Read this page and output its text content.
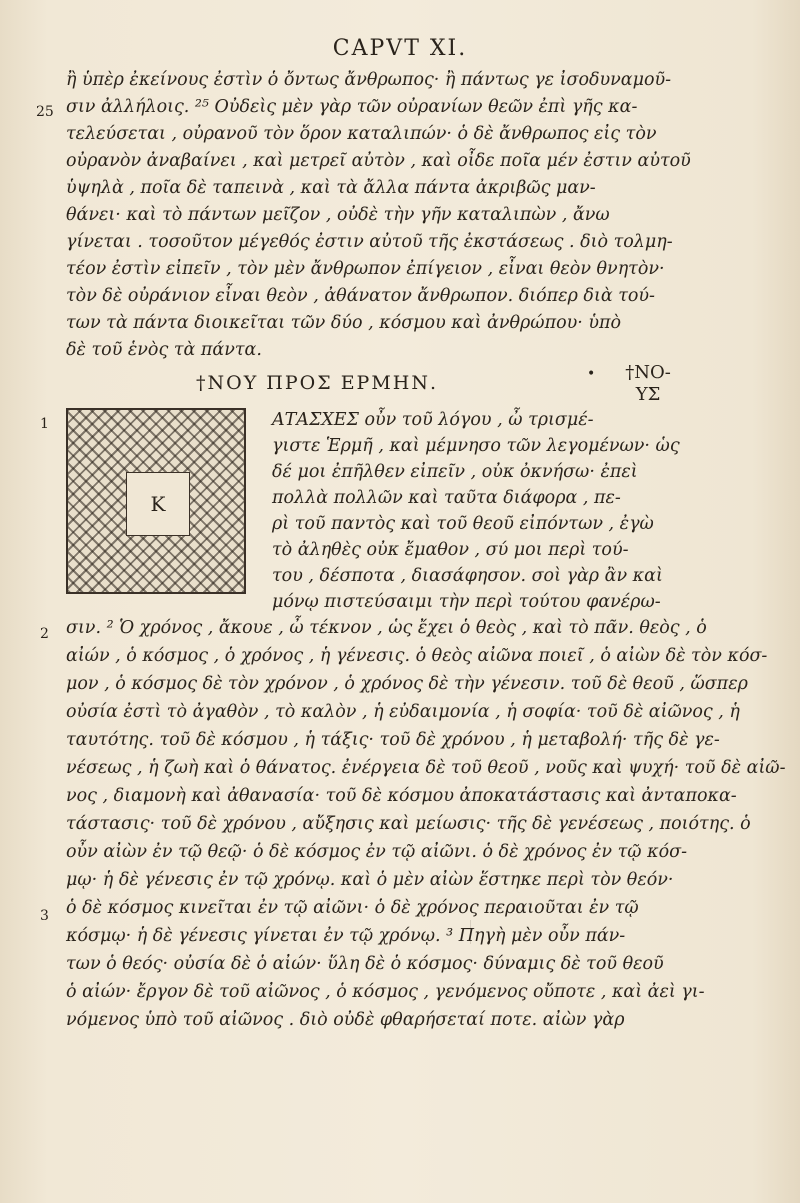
CAPVT XI.
25
1
2
3
ἢ ὑπὲρ ἐκείνους ἐστὶν ὁ ὄντως ἄνθρωπος· ἢ πάντως γε ἰσοδυναμοῦ-
σιν ἀλλήλοις. ²⁵ Οὐδεὶς μὲν γὰρ τῶν οὐρανίων θεῶν ἐπὶ γῆς κα-
τελεύσεται , οὐρανοῦ τὸν ὅρον καταλιπών· ὁ δὲ ἄνθρωπος εἰς τὸν
οὐρανὸν ἀναβαίνει , καὶ μετρεῖ αὐτὸν , καὶ οἶδε ποῖα μέν ἐστιν αὐτοῦ
ὑψηλὰ , ποῖα δὲ ταπεινὰ , καὶ τὰ ἄλλα πάντα ἀκριβῶς μαν-
θάνει· καὶ τὸ πάντων μεῖζον , οὐδὲ τὴν γῆν καταλιπὼν , ἄνω
γίνεται . τοσοῦτον μέγεθός ἐστιν αὐτοῦ τῆς ἐκστάσεως . διὸ τολμη-
τέον ἐστὶν εἰπεῖν , τὸν μὲν ἄνθρωπον ἐπίγειον , εἶναι θεὸν θνητὸν·
τὸν δὲ οὐράνιον εἶναι θεὸν , ἀθάνατον ἄνθρωπον. διόπερ διὰ τού-
των τὰ πάντα διοικεῖται τῶν δύο , κόσμου καὶ ἀνθρώπου· ὑπὸ
δὲ τοῦ ἑνὸς τὰ πάντα.
†ΝΟΥ ΠΡΟΣ ΕΡΜΗΝ.	•	†ΝΟ-
ΥΣ
K
ΑΤΑΣΧΕΣ οὖν τοῦ λόγου , ὦ τρισμέ-
γιστε Ἑρμῆ , καὶ μέμνησο τῶν λεγομένων· ὡς
δέ μοι ἐπῆλθεν εἰπεῖν , οὐκ ὀκνήσω· ἐπεὶ
πολλὰ πολλῶν καὶ ταῦτα διάφορα , πε-
ρὶ τοῦ παντὸς καὶ τοῦ θεοῦ εἰπόντων , ἐγὼ
τὸ ἀληθὲς οὐκ ἔμαθον , σύ μοι περὶ τού-
του , δέσποτα , διασάφησον. σοὶ γὰρ ἂν καὶ
μόνῳ πιστεύσαιμι τὴν περὶ τούτου φανέρω-
σιν. ² Ὁ χρόνος , ἄκουε , ὦ τέκνον , ὡς ἔχει ὁ θεὸς , καὶ τὸ πᾶν. θεὸς , ὁ
αἰών , ὁ κόσμος , ὁ χρόνος , ἡ γένεσις. ὁ θεὸς αἰῶνα ποιεῖ , ὁ αἰὼν δὲ τὸν κόσ-
μον , ὁ κόσμος δὲ τὸν χρόνον , ὁ χρόνος δὲ τὴν γένεσιν. τοῦ δὲ θεοῦ , ὥσπερ
οὐσία ἐστὶ τὸ ἀγαθὸν , τὸ καλὸν , ἡ εὐδαιμονία , ἡ σοφία· τοῦ δὲ αἰῶνος , ἡ
ταυτότης. τοῦ δὲ κόσμου , ἡ τάξις· τοῦ δὲ χρόνου , ἡ μεταβολή· τῆς δὲ γε-
νέσεως , ἡ ζωὴ καὶ ὁ θάνατος. ἐνέργεια δὲ τοῦ θεοῦ , νοῦς καὶ ψυχή· τοῦ δὲ αἰῶ-
νος , διαμονὴ καὶ ἀθανασία· τοῦ δὲ κόσμου ἀποκατάστασις καὶ ἀνταποκα-
τάστασις· τοῦ δὲ χρόνου , αὔξησις καὶ μείωσις· τῆς δὲ γενέσεως , ποιότης. ὁ
οὖν αἰὼν ἐν τῷ θεῷ· ὁ δὲ κόσμος ἐν τῷ αἰῶνι. ὁ δὲ χρόνος ἐν τῷ κόσ-
μῳ· ἡ δὲ γένεσις ἐν τῷ χρόνῳ. καὶ ὁ μὲν αἰὼν ἕστηκε περὶ τὸν θεόν·
ὁ δὲ κόσμος κινεῖται ἐν τῷ αἰῶνι· ὁ δὲ χρόνος περαιοῦται ἐν τῷ
κόσμῳ· ἡ δὲ γένεσις γίνεται ἐν τῷ χρόνῳ. ³ Πηγὴ μὲν οὖν πάν-
των ὁ θεός· οὐσία δὲ ὁ αἰών· ὕλη δὲ ὁ κόσμος· δύναμις δὲ τοῦ θεοῦ
ὁ αἰών· ἔργον δὲ τοῦ αἰῶνος , ὁ κόσμος , γενόμενος οὔποτε , καὶ ἀεὶ γι-
νόμενος ὑπὸ τοῦ αἰῶνος . διὸ οὐδὲ φθαρήσεταί ποτε. αἰὼν γὰρ
